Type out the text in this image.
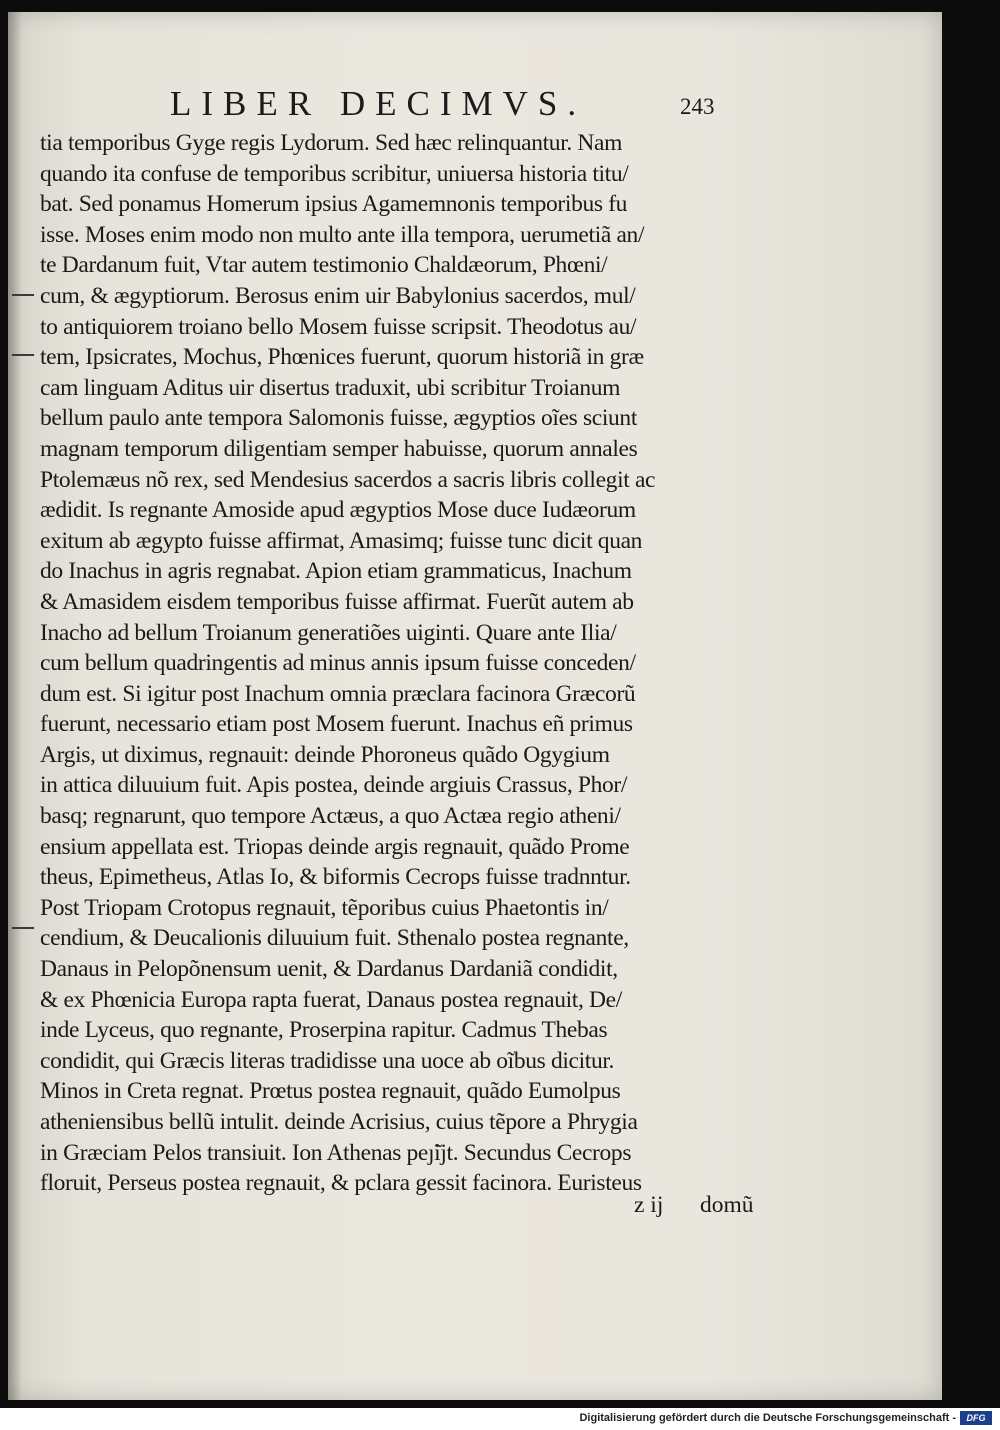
LIBER DECIMVS.	243
tia temporibus Gyge regis Lydorum. Sed hæc relinquantur. Nam
quando ita confuse de temporibus scribitur, uniuersa historia titu/
bat. Sed ponamus Homerum ipsius Agamemnonis temporibus fu
isse. Moses enim modo non multo ante illa tempora, uerumetiã an/
te Dardanum fuit, Vtar autem testimonio Chaldæorum, Phœni/
cum, & ægyptiorum. Berosus enim uir Babylonius sacerdos, mul/
to antiquiorem troiano bello Mosem fuisse scripsit. Theodotus au/
tem, Ipsicrates, Mochus, Phœnices fuerunt, quorum historiã in græ
cam linguam Aditus uir disertus traduxit, ubi scribitur Troianum
bellum paulo ante tempora Salomonis fuisse, ægyptios oĩes sciunt
magnam temporum diligentiam semper habuisse, quorum annales
Ptolemæus nõ rex, sed Mendesius sacerdos a sacris libris collegit ac
ædidit. Is regnante Amoside apud ægyptios Mose duce Iudæorum
exitum ab ægypto fuisse affirmat, Amasimq; fuisse tunc dicit quan
do Inachus in agris regnabat. Apion etiam grammaticus, Inachum
& Amasidem eisdem temporibus fuisse affirmat. Fuerũt autem ab
Inacho ad bellum Troianum generatiões uiginti. Quare ante Ilia/
cum bellum quadringentis ad minus annis ipsum fuisse conceden/
dum est. Si igitur post Inachum omnia præclara facinora Græcorũ
fuerunt, necessario etiam post Mosem fuerunt. Inachus eñ primus
Argis, ut diximus, regnauit: deinde Phoroneus quãdo Ogygium
in attica diluuium fuit. Apis postea, deinde argiuis Crassus, Phor/
basq; regnarunt, quo tempore Actæus, a quo Actæa regio atheni/
ensium appellata est. Triopas deinde argis regnauit, quãdo Prome
theus, Epimetheus, Atlas Io, & biformis Cecrops fuisse tradnntur.
Post Triopam Crotopus regnauit, tẽporibus cuius Phaetontis in/
cendium, & Deucalionis diluuium fuit. Sthenalo postea regnante,
Danaus in Pelopõnensum uenit, & Dardanus Dardaniã condidit,
& ex Phœnicia Europa rapta fuerat, Danaus postea regnauit, De/
inde Lyceus, quo regnante, Proserpina rapitur. Cadmus Thebas
condidit, qui Græcis literas tradidisse una uoce ab oĩbus dicitur.
Minos in Creta regnat. Prœtus postea regnauit, quãdo Eumolpus
atheniensibus bellũ intulit. deinde Acrisius, cuius tẽpore a Phrygia
in Græciam Pelos transiuit. Ion Athenas peȷ̃ijt. Secundus Cecrops
floruit, Perseus postea regnauit, & pclara gessit facinora. Euristeus
z ij domũ
Digitalisierung gefördert durch die Deutsche Forschungsgemeinschaft -	DFG
